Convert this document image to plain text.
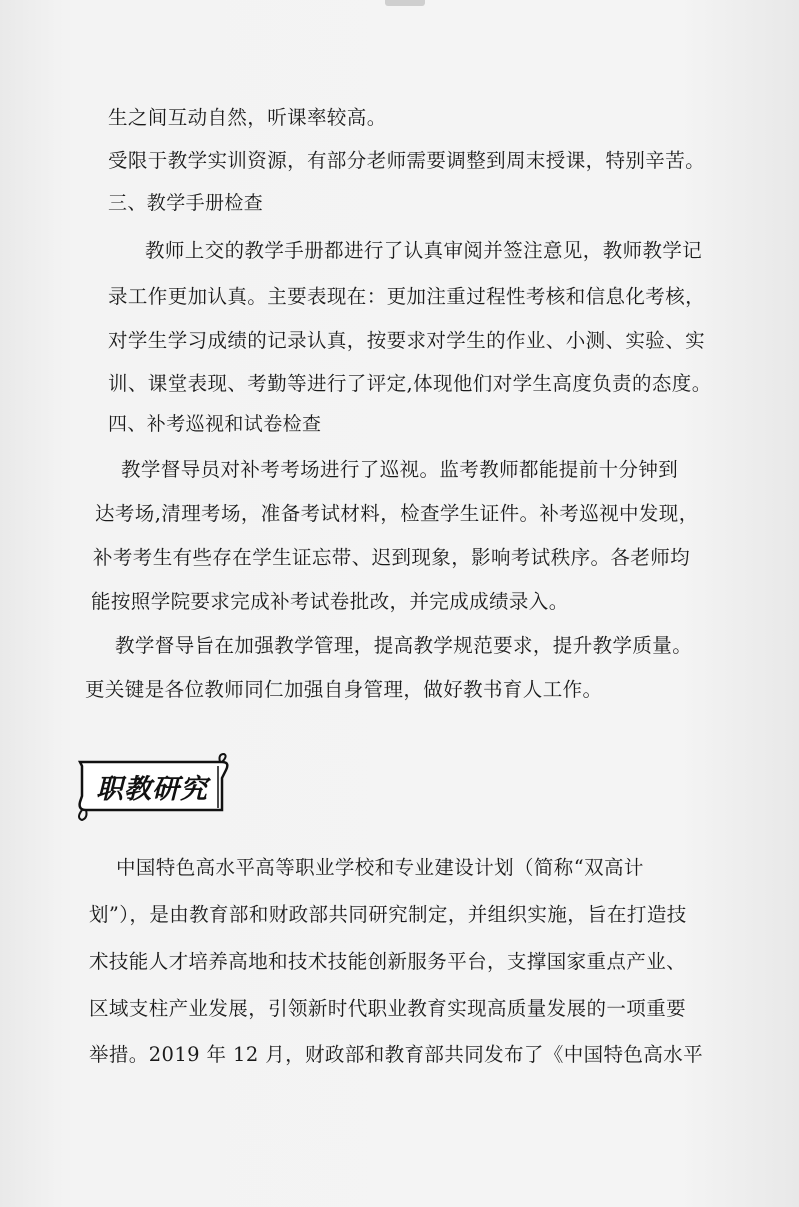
生之间互动自然，听课率较高。
受限于教学实训资源，有部分老师需要调整到周末授课，特别辛苦。
三、教学手册检查
教师上交的教学手册都进行了认真审阅并签注意见，教师教学记
录工作更加认真。主要表现在：更加注重过程性考核和信息化考核，
对学生学习成绩的记录认真，按要求对学生的作业、小测、实验、实
训、课堂表现、考勤等进行了评定,体现他们对学生高度负责的态度。
四、补考巡视和试卷检查
教学督导员对补考考场进行了巡视。监考教师都能提前十分钟到
达考场,清理考场，准备考试材料，检查学生证件。补考巡视中发现，
补考考生有些存在学生证忘带、迟到现象，影响考试秩序。各老师均
能按照学院要求完成补考试卷批改，并完成成绩录入。
教学督导旨在加强教学管理，提高教学规范要求，提升教学质量。
更关键是各位教师同仁加强自身管理，做好教书育人工作。
职教研究
中国特色高水平高等职业学校和专业建设计划（简称“双高计
划”），是由教育部和财政部共同研究制定，并组织实施，旨在打造技
术技能人才培养高地和技术技能创新服务平台，支撑国家重点产业、
区域支柱产业发展，引领新时代职业教育实现高质量发展的一项重要
举措。2019 年 12 月，财政部和教育部共同发布了《中国特色高水平
